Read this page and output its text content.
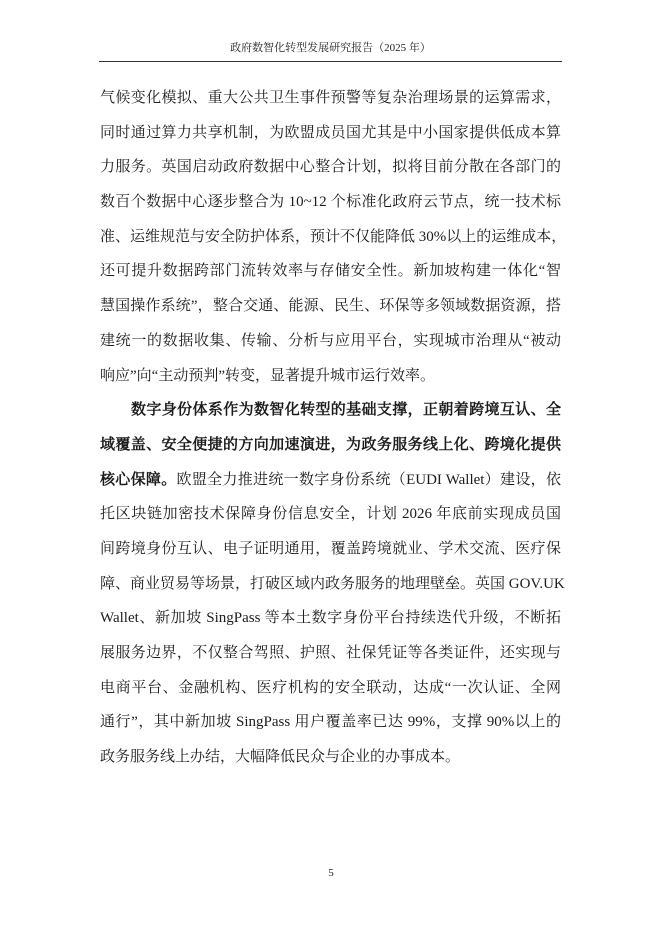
政府数智化转型发展研究报告（2025 年）
气候变化模拟、重大公共卫生事件预警等复杂治理场景的运算需求，
同时通过算力共享机制，为欧盟成员国尤其是中小国家提供低成本算
力服务。英国启动政府数据中心整合计划，拟将目前分散在各部门的
数百个数据中心逐步整合为 10~12 个标准化政府云节点，统一技术标
准、运维规范与安全防护体系，预计不仅能降低 30%以上的运维成本，
还可提升数据跨部门流转效率与存储安全性。新加坡构建一体化“智
慧国操作系统”，整合交通、能源、民生、环保等多领域数据资源，搭
建统一的数据收集、传输、分析与应用平台，实现城市治理从“被动
响应”向“主动预判”转变，显著提升城市运行效率。
数字身份体系作为数智化转型的基础支撑，正朝着跨境互认、全
域覆盖、安全便捷的方向加速演进，为政务服务线上化、跨境化提供
核心保障。欧盟全力推进统一数字身份系统（EUDI Wallet）建设，依
托区块链加密技术保障身份信息安全，计划 2026 年底前实现成员国
间跨境身份互认、电子证明通用，覆盖跨境就业、学术交流、医疗保
障、商业贸易等场景，打破区域内政务服务的地理壁垒。英国 GOV.UK
Wallet、新加坡 SingPass 等本土数字身份平台持续迭代升级，不断拓
展服务边界，不仅整合驾照、护照、社保凭证等各类证件，还实现与
电商平台、金融机构、医疗机构的安全联动，达成“一次认证、全网
通行”，其中新加坡 SingPass 用户覆盖率已达 99%，支撑 90%以上的
政务服务线上办结，大幅降低民众与企业的办事成本。
5
